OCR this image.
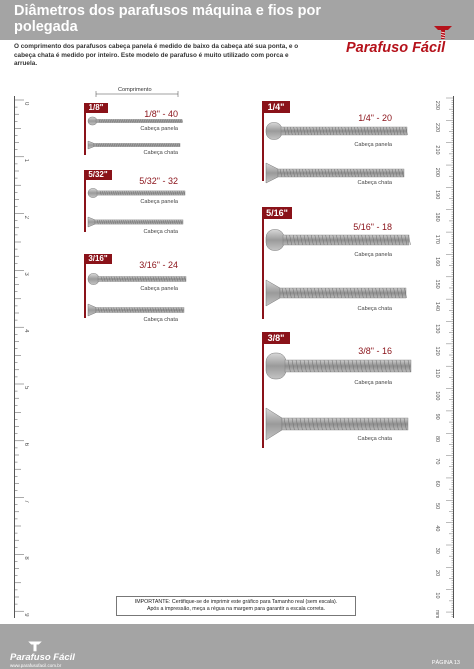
Diâmetros dos parafusos máquina e fios por polegada
Parafuso Fácil

O comprimento dos parafusos cabeça panela é medido de baixo da cabeça até sua ponta, e o cabeça chata é medido por inteiro. Este modelo de parafuso é muito utilizado com porca e arruela.

0
1
2
3
4
5
6
7
8
9
230
220
210
200
190
180
170
160
150
140
130
120
110
100
90
80
70
60
50
40
30
20
10
mm
Comprimento
1/8"
1/8" - 40
Cabeça panela
Cabeça chata
5/32"
5/32" - 32
Cabeça panela
Cabeça chata
3/16"
3/16" - 24
Cabeça panela
Cabeça chata
1/4"
1/4" - 20
Cabeça panela
Cabeça chata
5/16"
5/16" - 18
Cabeça panela
Cabeça chata
3/8"
3/8" - 16
Cabeça panela
Cabeça chata
IMPORTANTE: Certifique-se de imprimir este gráfico para Tamanho real (sem escala).
Após a impressão, meça a régua na margem para garantir a escala correta.
Parafuso Fácil
www.parafusofacil.com.br	PÁGINA 13
